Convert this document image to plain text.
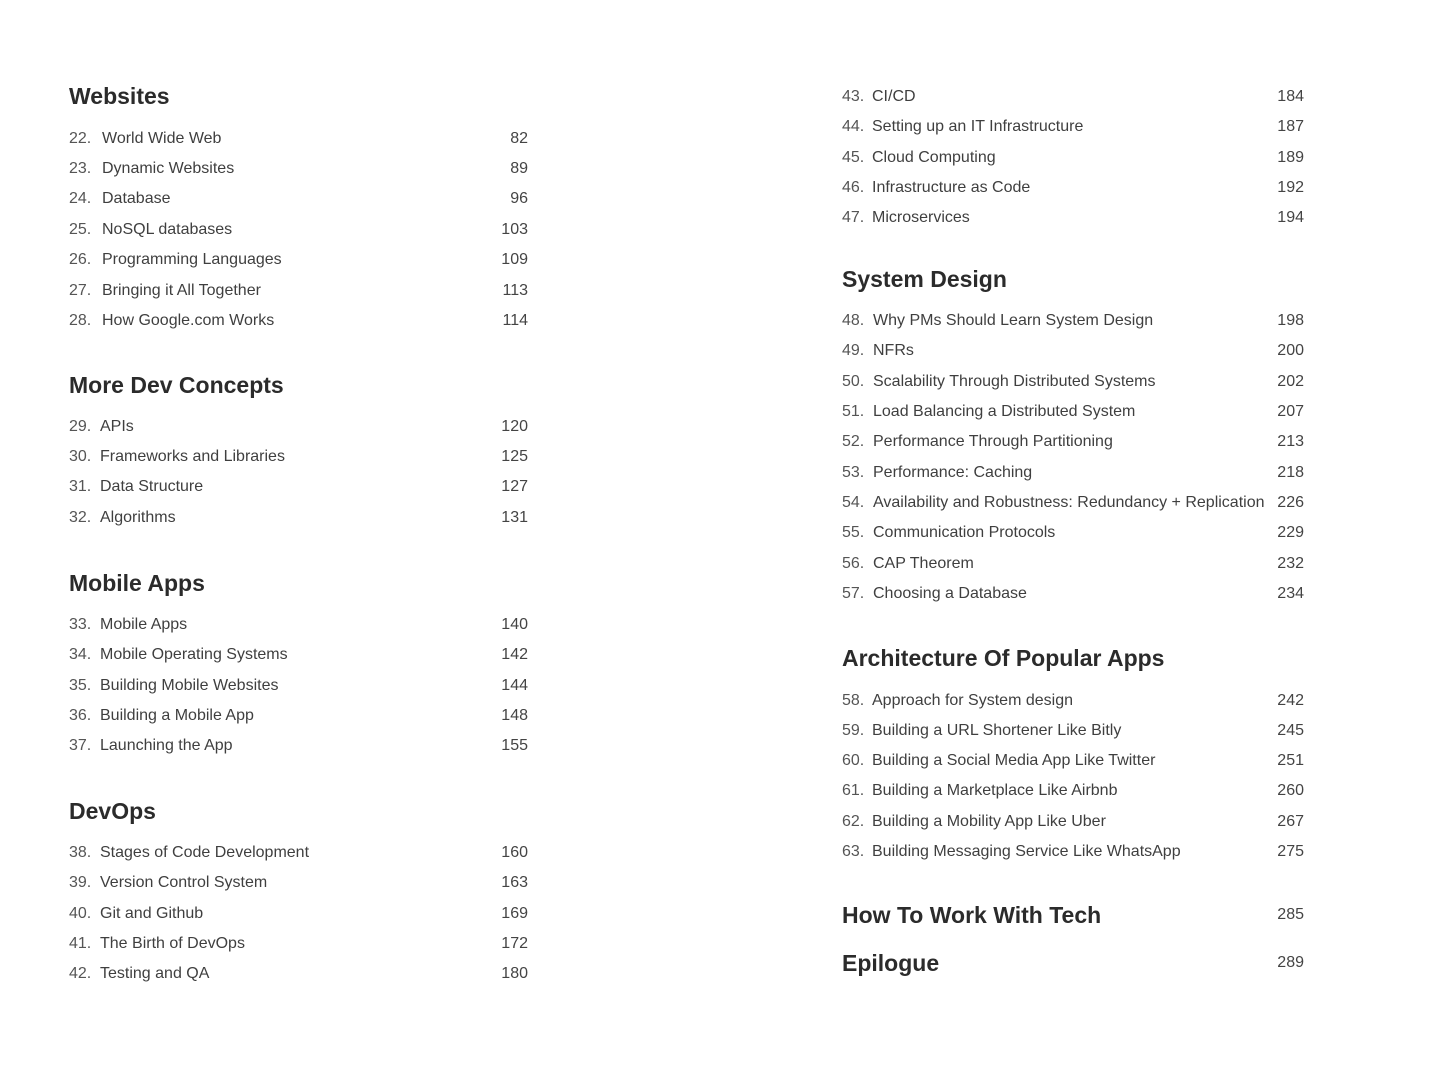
Websites
22. World Wide Web	82
23. Dynamic Websites	89
24. Database	96
25. NoSQL databases	103
26. Programming Languages	109
27. Bringing it All Together	113
28. How Google.com Works	114
More Dev Concepts
29. APIs	120
30. Frameworks and Libraries	125
31. Data Structure	127
32. Algorithms	131
Mobile Apps
33. Mobile Apps	140
34. Mobile Operating Systems	142
35. Building Mobile Websites	144
36. Building a Mobile App	148
37. Launching the App	155
DevOps
38. Stages of Code Development	160
39. Version Control System	163
40. Git and Github	169
41. The Birth of DevOps	172
42. Testing and QA	180
43. CI/CD	184
44. Setting up an IT Infrastructure	187
45. Cloud Computing	189
46. Infrastructure as Code	192
47. Microservices	194
System Design
48. Why PMs Should Learn System Design	198
49. NFRs	200
50. Scalability Through Distributed Systems	202
51. Load Balancing a Distributed System	207
52. Performance Through Partitioning	213
53. Performance: Caching	218
54. Availability and Robustness: Redundancy + Replication 226
55. Communication Protocols	229
56. CAP Theorem	232
57. Choosing a Database	234
Architecture Of Popular Apps
58. Approach for System design	242
59. Building a URL Shortener Like Bitly	245
60. Building a Social Media App Like Twitter	251
61. Building a Marketplace Like Airbnb	260
62. Building a Mobility App Like Uber	267
63. Building Messaging Service Like WhatsApp	275
How To Work With Tech	285
Epilogue	289
